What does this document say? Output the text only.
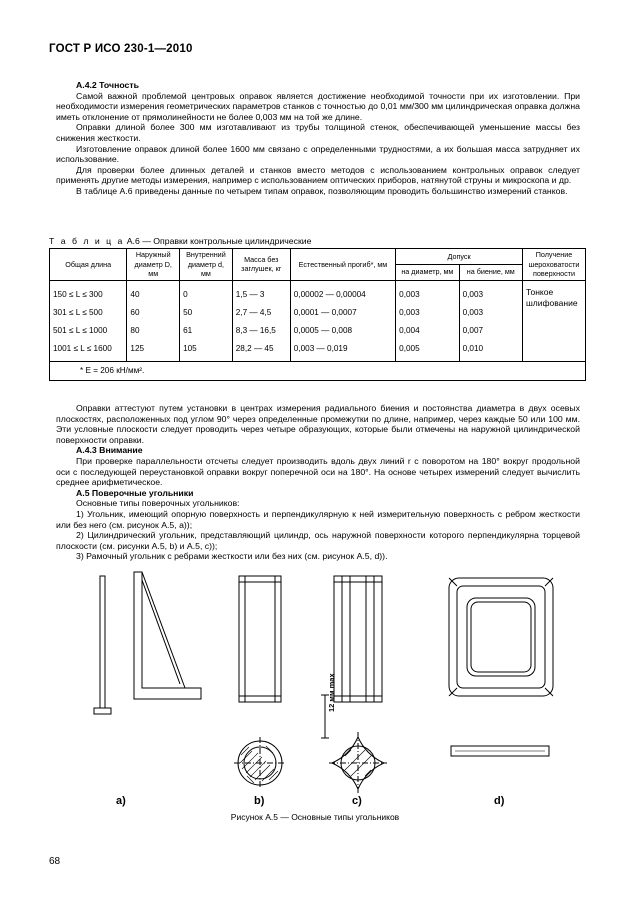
ГОСТ Р ИСО 230-1—2010

А.4.2 Точность

Самой важной проблемой центровых оправок является достижение необходимой точности при их изготовлении. При необходимости измерения геометрических параметров станков с точностью до 0,01 мм/300 мм цилиндрическая оправка должна иметь отклонение от прямолинейности не более 0,003 мм на той же длине.

Оправки длиной более 300 мм изготавливают из трубы толщиной стенок, обеспечивающей уменьшение массы без снижения жесткости.

Изготовление оправок длиной более 1600 мм связано с определенными трудностями, а их большая масса затрудняет их использование.

Для проверки более длинных деталей и станков вместо методов с использованием контрольных оправок следует применять другие методы измерения, например с использованием оптических приборов, натянутой струны и микроскопа и др.

В таблице А.6 приведены данные по четырем типам оправок, позволяющим проводить большинство измерений станков.

Т а б л и ц а А.6 — Оправки контрольные цилиндрические
Общая длина	Наружный диаметр D, мм	Внутренний диаметр d, мм	Масса без заглушек, кг	Естественный прогиб*, мм	Допуск		Получение шероховатости поверхности
					на диаметр, мм	на биение, мм	
150 ≤ L ≤ 300	40	0	1,5 — 3	0,00002 — 0,00004	0,003	0,003	Тонкое шлифование
301 ≤ L ≤ 500	60	50	2,7 — 4,5	0,0001 — 0,0007	0,003	0,003	
501 ≤ L ≤ 1000	80	61	8,3 — 16,5	0,0005 — 0,008	0,004	0,007	
1001 ≤ L ≤ 1600	125	105	28,2 — 45	0,003 — 0,019	0,005	0,010	
* E = 206 кН/мм².							

Оправки аттестуют путем установки в центрах измерения радиального биения и постоянства диаметра в двух осевых плоскостях, расположенных под углом 90° через определенные промежутки по длине, например, через каждые 50 или 100 мм. Эти условные плоскости следует проводить через четыре образующих, которые были отмечены на наружной цилиндрической поверхности оправки.

А.4.3 Внимание

При проверке параллельности отсчеты следует производить вдоль двух линий r с поворотом на 180° вокруг продольной оси с последующей переустановкой оправки вокруг поперечной оси на 180°. На основе четырех измерений следует вычислить среднее арифметическое.

А.5 Поверочные угольники

Основные типы поверочных угольников:

1) Угольник, имеющий опорную поверхность и перпендикулярную к ней измерительную поверхность с ребром жесткости или без него (см. рисунок А.5, а));

2) Цилиндрический угольник, представляющий цилиндр, ось наружной поверхности которого перпендикулярна торцевой плоскости (см. рисунки А.5, b) и А.5, c));

3) Рамочный угольник с ребрами жесткости или без них (см. рисунок А.5, d)).

12 мм max
a)	b)	c)	d)
Рисунок А.5 — Основные типы угольников
68
